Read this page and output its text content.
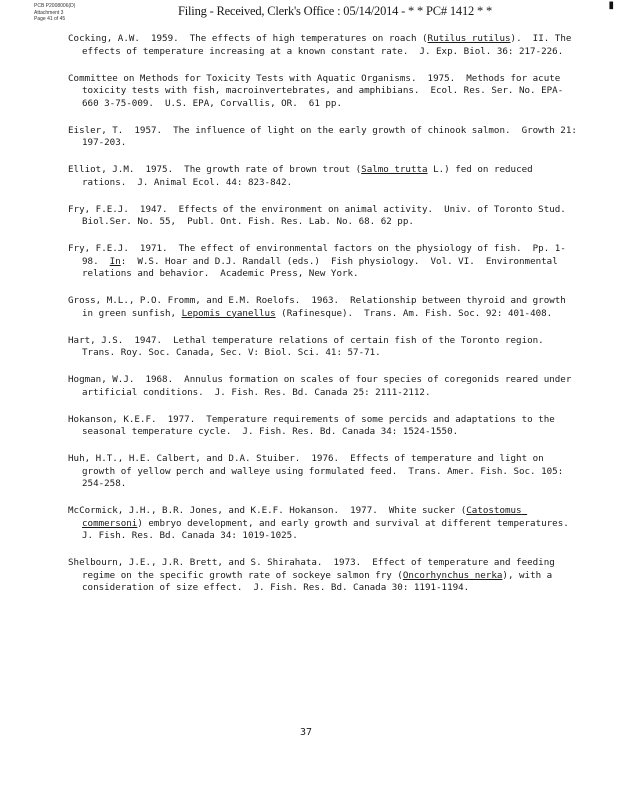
PCB P2008006(D)
Attachment 3
Page 41 of 45
Filing - Received, Clerk's Office : 05/14/2014 - * * PC# 1412 * *	▮
Cocking, A.W.  1959.  The effects of high temperatures on roach (Rutilus rutilus).  II. The effects of temperature increasing at a known constant rate.  J. Exp. Biol. 36: 217-226.
Committee on Methods for Toxicity Tests with Aquatic Organisms.  1975.  Methods for acute toxicity tests with fish, macroinvertebrates, and amphibians.  Ecol. Res. Ser. No. EPA-660 3-75-009.  U.S. EPA, Corvallis, OR.  61 pp.
Eisler, T.  1957.  The influence of light on the early growth of chinook salmon.  Growth 21: 197-203.
Elliot, J.M.  1975.  The growth rate of brown trout (Salmo trutta L.) fed on reduced rations.  J. Animal Ecol. 44: 823-842.
Fry, F.E.J.  1947.  Effects of the environment on animal activity.  Univ. of Toronto Stud. Biol.Ser. No. 55,  Publ. Ont. Fish. Res. Lab. No. 68. 62 pp.
Fry, F.E.J.  1971.  The effect of environmental factors on the physiology of fish.  Pp. 1-98.  In:  W.S. Hoar and D.J. Randall (eds.)  Fish physiology.  Vol. VI.  Environmental relations and behavior.  Academic Press, New York.
Gross, M.L., P.O. Fromm, and E.M. Roelofs.  1963.  Relationship between thyroid and growth in green sunfish, Lepomis cyanellus (Rafinesque).  Trans. Am. Fish. Soc. 92: 401-408.
Hart, J.S.  1947.  Lethal temperature relations of certain fish of the Toronto region.  Trans. Roy. Soc. Canada, Sec. V: Biol. Sci. 41: 57-71.
Hogman, W.J.  1968.  Annulus formation on scales of four species of coregonids reared under artificial conditions.  J. Fish. Res. Bd. Canada 25: 2111-2112.
Hokanson, K.E.F.  1977.  Temperature requirements of some percids and adaptations to the seasonal temperature cycle.  J. Fish. Res. Bd. Canada 34: 1524-1550.
Huh, H.T., H.E. Calbert, and D.A. Stuiber.  1976.  Effects of temperature and light on growth of yellow perch and walleye using formulated feed.  Trans. Amer. Fish. Soc. 105: 254-258.
McCormick, J.H., B.R. Jones, and K.E.F. Hokanson.  1977.  White sucker (Catostomus commersoni) embryo development, and early growth and survival at different temperatures.  J. Fish. Res. Bd. Canada 34: 1019-1025.
Shelbourn, J.E., J.R. Brett, and S. Shirahata.  1973.  Effect of temperature and feeding regime on the specific growth rate of sockeye salmon fry (Oncorhynchus nerka), with a consideration of size effect.  J. Fish. Res. Bd. Canada 30: 1191-1194.
37
